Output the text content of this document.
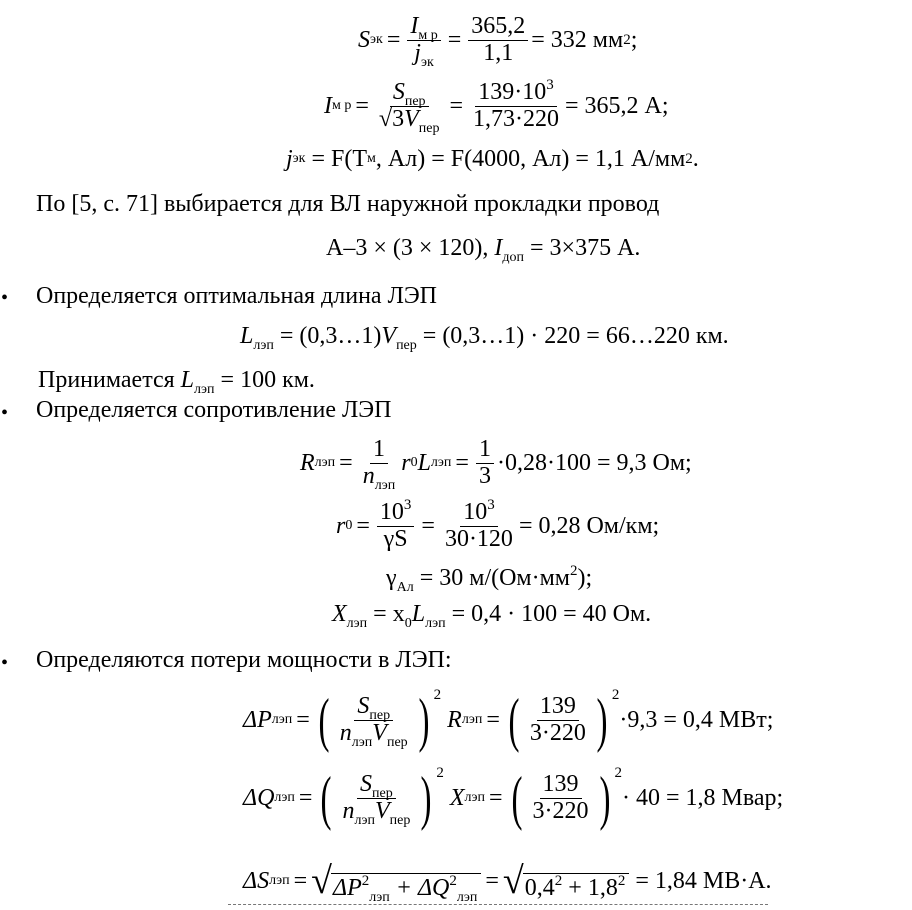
S эк = $\frac{I_{м р}}{j_{эк}} = \frac{365,2}{1,1} = 332$ мм 2 ;
I м $р = \frac{S_{пер}}{√3V_{пер}} = \frac{139\cdot 10^3}{1,73\cdot 220} = 365,2$ А;
j эк
= F(T м , Ал) = F(4000, Ал) = 1,1 А/мм 2 .
По [5, с. 71] выбирается для ВЛ наружной прокладки провод
А–3 × (3 × 120), $I_{доп} = 3\times 375$ А.
• Определяется оптимальная длина ЛЭП
$L_{лэп}$ = $(0,3\dots 1)V_{пер}$ = (0,3…1) · 220 = 66…220 км.
Принимается $L_{лэп} = 100$ км.
• Определяется сопротивление ЛЭП
R лэп = $\frac{1}{n_{лэп}}$ r 0 L лэп = $\frac{1}{3} \cdot 0,28\cdot 100 = 9,3$ Ом;
r $0 = \frac{10^3}{\gamma S} = \frac{10^3}{30\cdot 120} = 0,28$ Ом/км;
$\gamma_{Ал} = 30$ $м/(Ом\cdot мм^2)$;
$X_{лэп} = x_0L_{лэп} = 0,4 \cdot 100 = 40$ Ом.
• Определяются потери мощности в ЛЭП:
ΔP лэп = ( $\frac{S_{пер}}{n_{лэп}V_{пер}}$ ) 2

R лэп = ( $\frac{139}{3\cdot 220}$ ) 2
·9,3 = 0,4 МВт;
ΔQ лэп = ( $\frac{S_{пер}}{n_{лэп}V_{пер}}$ ) 2

X лэп = ( $\frac{139}{3\cdot 220}$ ) 2
· 40 = 1,8 Мвар;
ΔS лэп = √ $\Delta P^2_{лэп} + \Delta Q^2_{лэп}$
= √ $0,4^2 + 1,8^2$
= 1,84 МВ·А.
